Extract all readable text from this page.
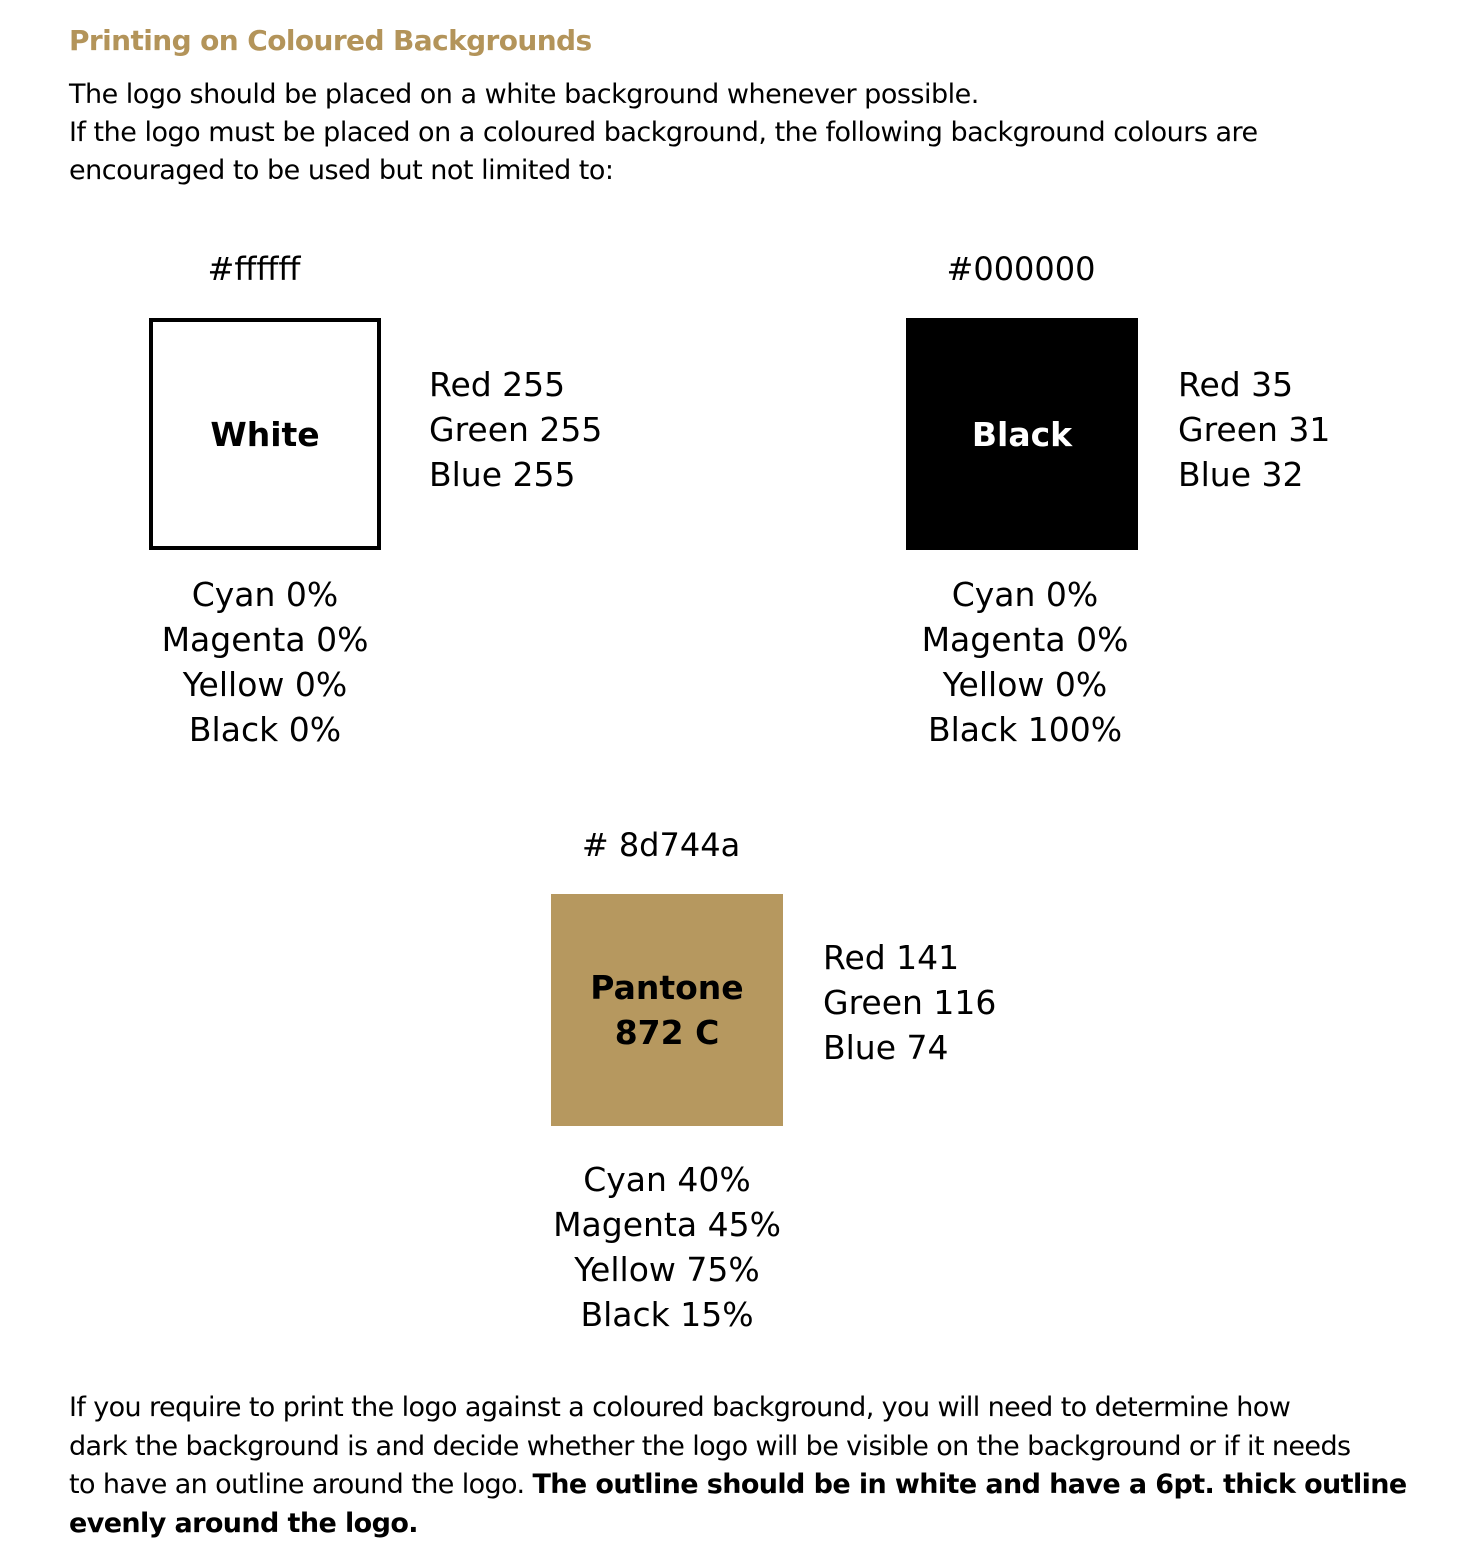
Printing on Coloured Backgrounds
The logo should be placed on a white background whenever possible.
If the logo must be placed on a coloured background, the following background colours are
encouraged to be used but not limited to:
#ffffff
White
Red 255
Green 255
Blue 255
Cyan 0%
Magenta 0%
Yellow 0%
Black 0%
#000000
Black
Red 35
Green 31
Blue 32
Cyan 0%
Magenta 0%
Yellow 0%
Black 100%
# 8d744a
Pantone
872 C
Red 141
Green 116
Blue 74
Cyan 40%
Magenta 45%
Yellow 75%
Black 15%
If you require to print the logo against a coloured background, you will need to determine how
dark the background is and decide whether the logo will be visible on the background or if it needs
to have an outline around the logo. The outline should be in white and have a 6pt. thick outline
evenly around the logo.
